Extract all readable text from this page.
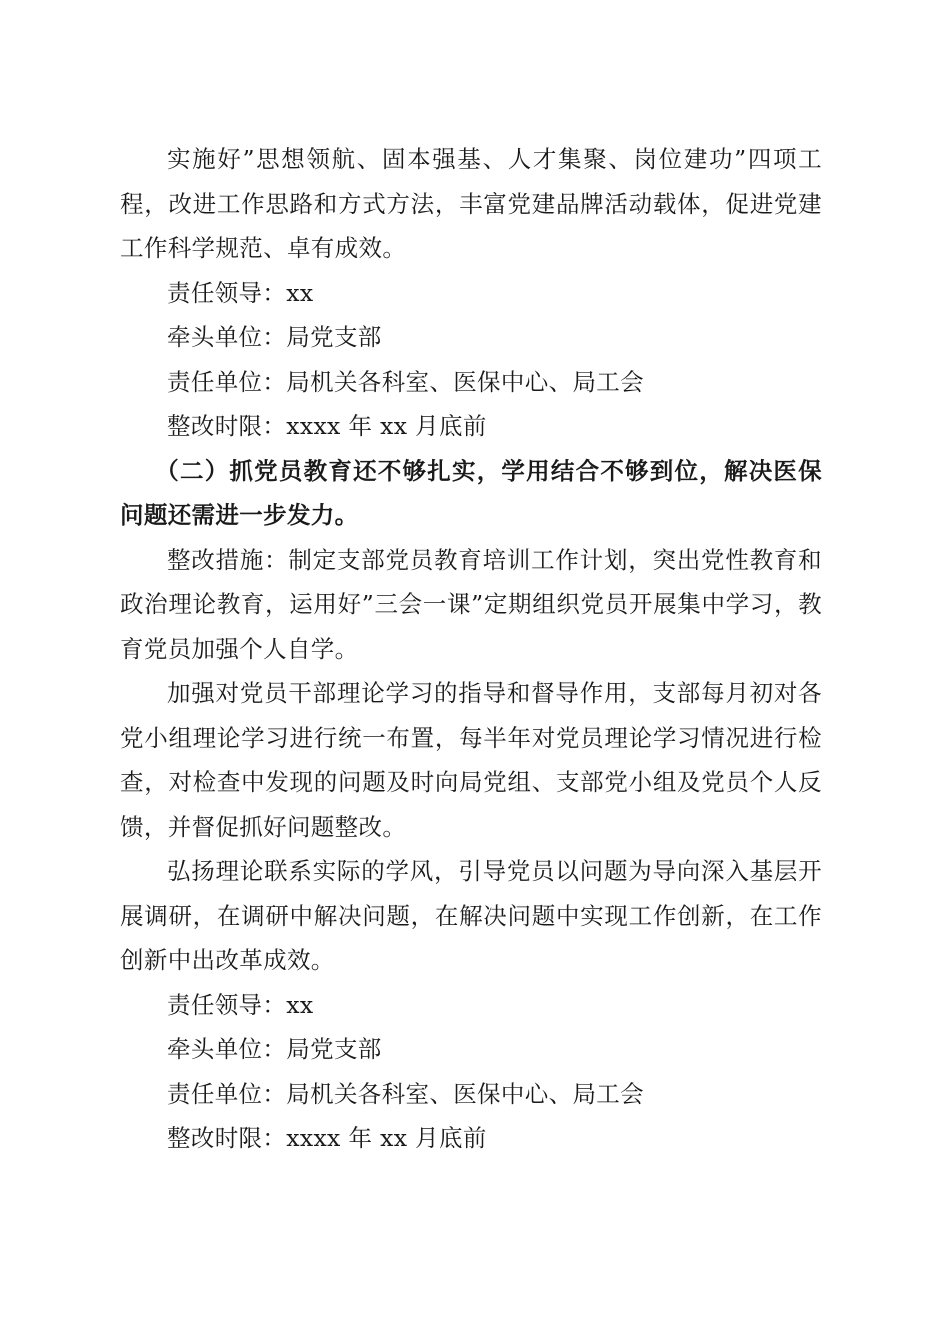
实施好”思想领航、固本强基、人才集聚、岗位建功”四项工程，改进工作思路和方式方法，丰富党建品牌活动载体，促进党建工作科学规范、卓有成效。

责任领导：xx

牵头单位：局党支部

责任单位：局机关各科室、医保中心、局工会

整改时限：xxxx 年 xx 月底前

（二）抓党员教育还不够扎实，学用结合不够到位，解决医保问题还需进一步发力。

整改措施：制定支部党员教育培训工作计划，突出党性教育和政治理论教育，运用好”三会一课”定期组织党员开展集中学习，教育党员加强个人自学。

加强对党员干部理论学习的指导和督导作用，支部每月初对各党小组理论学习进行统一布置，每半年对党员理论学习情况进行检查，对检查中发现的问题及时向局党组、支部党小组及党员个人反馈，并督促抓好问题整改。

弘扬理论联系实际的学风，引导党员以问题为导向深入基层开展调研，在调研中解决问题，在解决问题中实现工作创新，在工作创新中出改革成效。

责任领导：xx

牵头单位：局党支部

责任单位：局机关各科室、医保中心、局工会

整改时限：xxxx 年 xx 月底前
